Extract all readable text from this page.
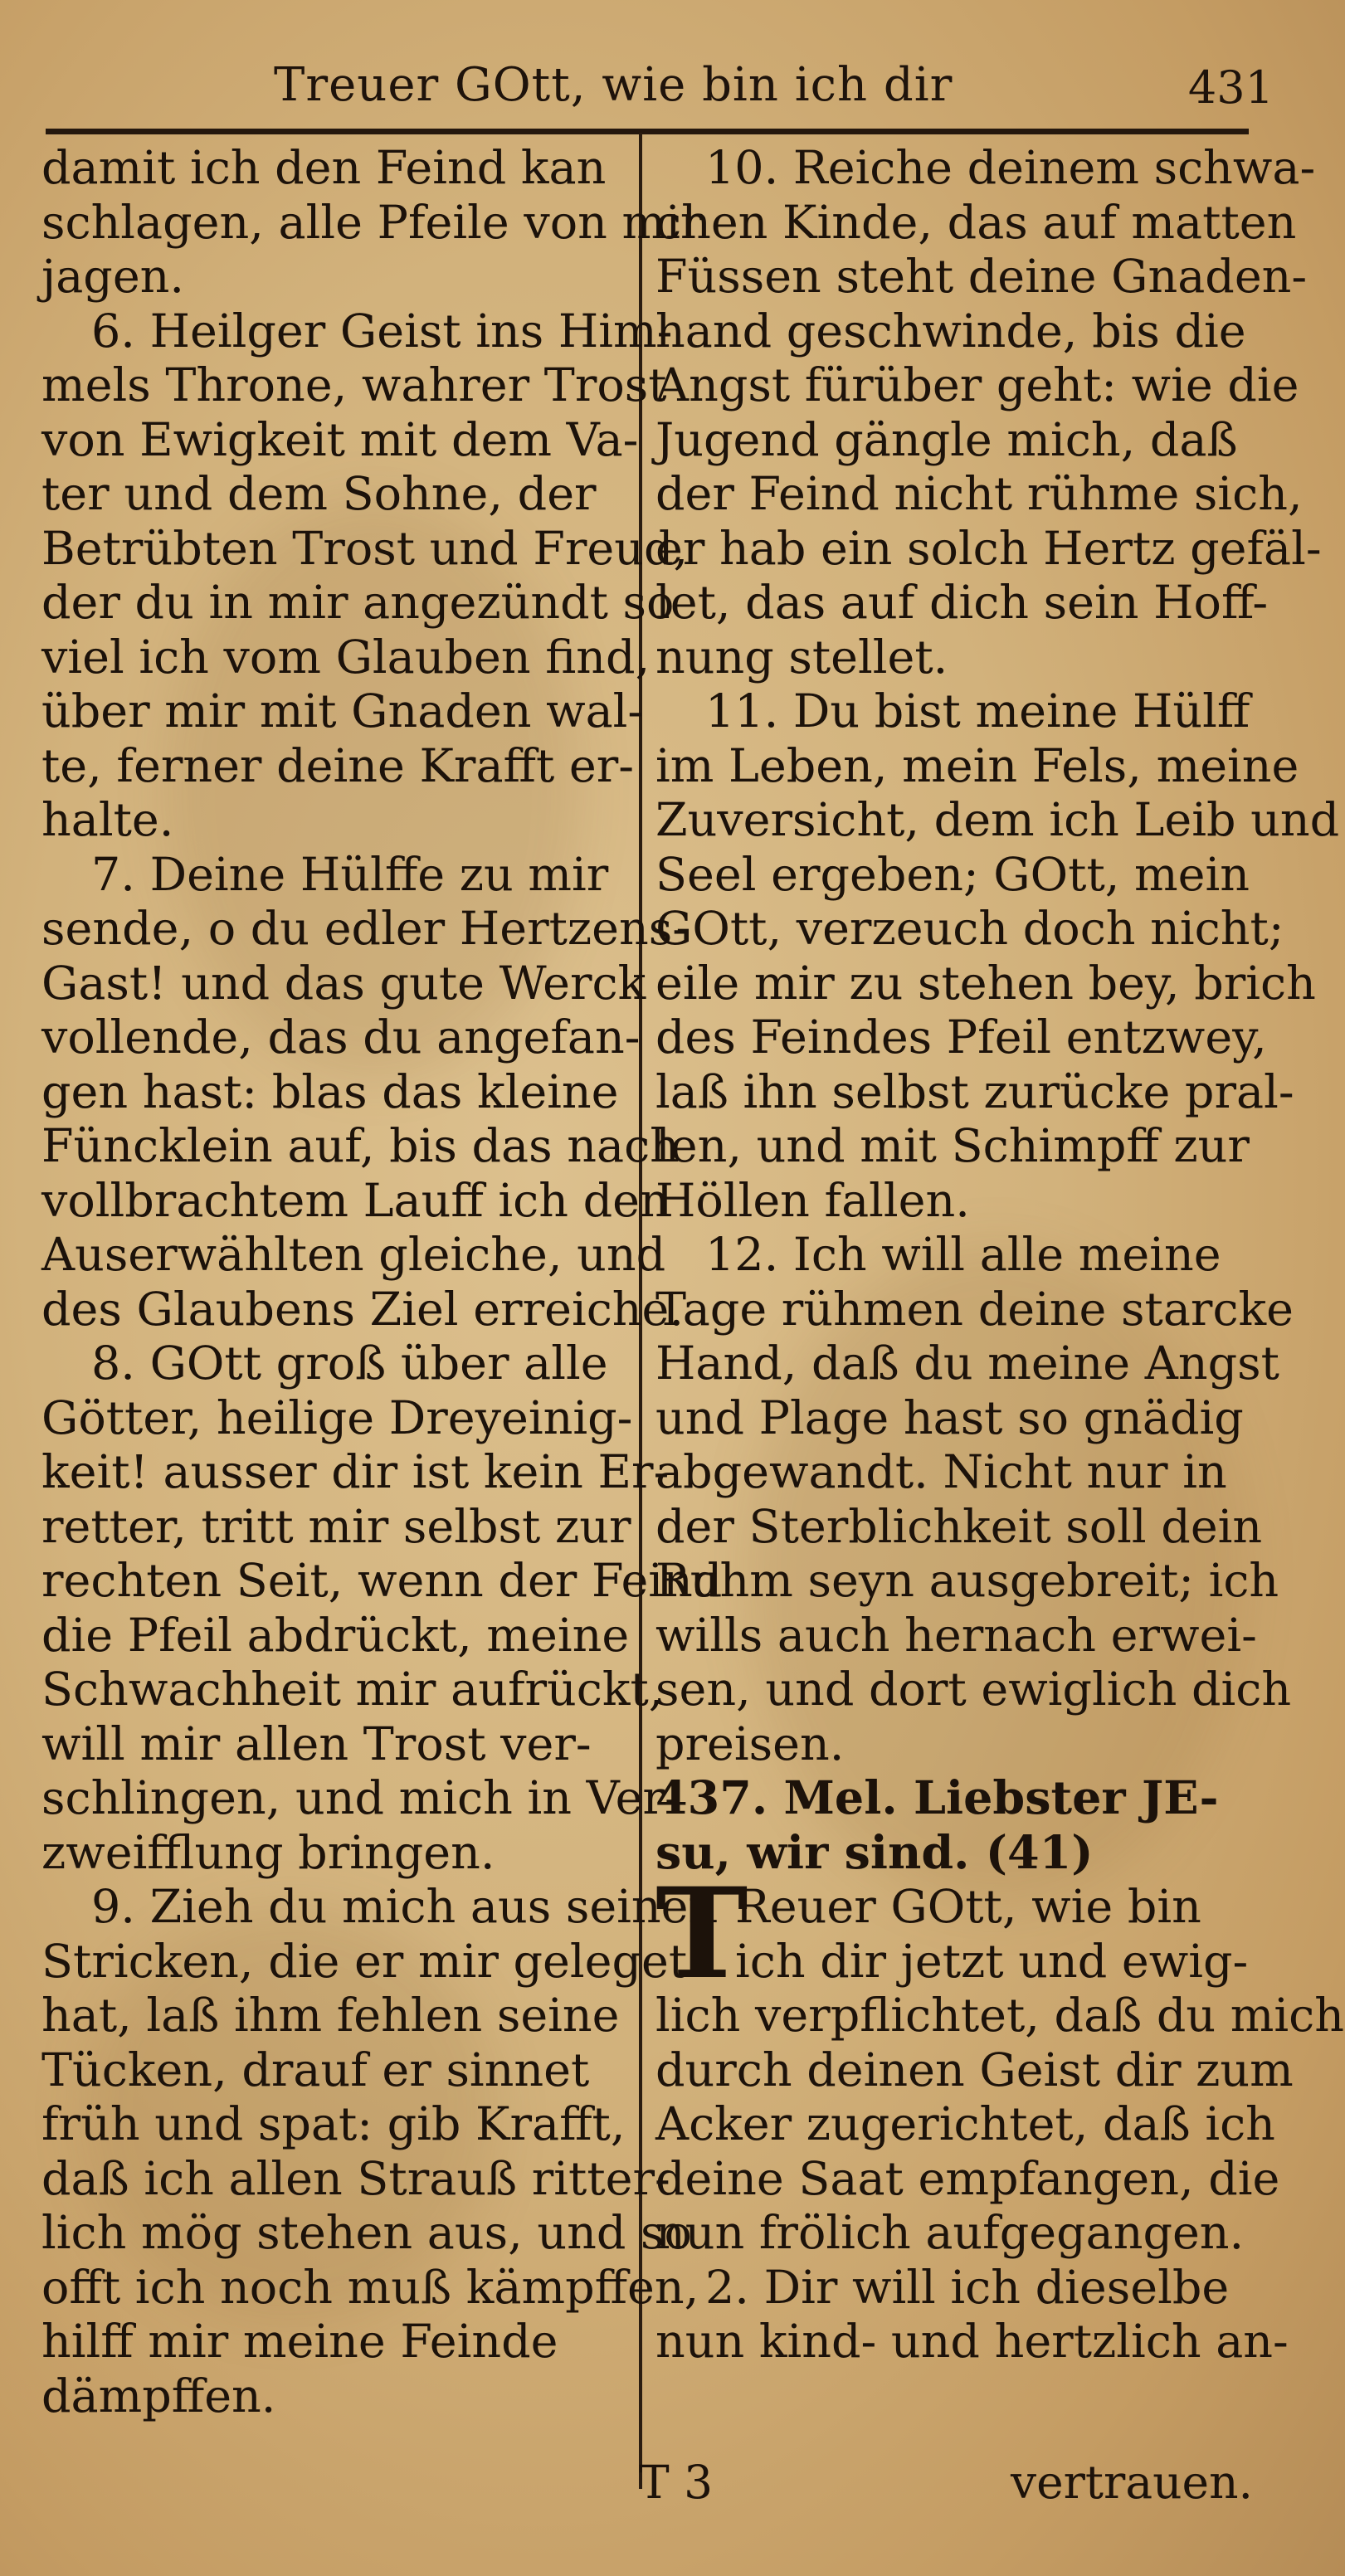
Treuer GOtt, wie bin ich dir	431
damit ich den Feind kan
schlagen, alle Pfeile von mir
jagen.
6. Heilger Geist ins Him-
mels Throne, wahrer Trost
von Ewigkeit mit dem Va-
ter und dem Sohne, der
Betrübten Trost und Freud,
der du in mir angezündt so
viel ich vom Glauben find,
über mir mit Gnaden wal-
te, ferner deine Krafft er-
halte.
7. Deine Hülffe zu mir
sende, o du edler Hertzens-
Gast! und das gute Werck
vollende, das du angefan-
gen hast: blas das kleine
Füncklein auf, bis das nach
vollbrachtem Lauff ich den
Auserwählten gleiche, und
des Glaubens Ziel erreiche.
8. GOtt groß über alle
Götter, heilige Dreyeinig-
keit! ausser dir ist kein Er-
retter, tritt mir selbst zur
rechten Seit, wenn der Feind
die Pfeil abdrückt, meine
Schwachheit mir aufrückt,
will mir allen Trost ver-
schlingen, und mich in Ver-
zweifflung bringen.
9. Zieh du mich aus seinen
Stricken, die er mir geleget
hat, laß ihm fehlen seine
Tücken, drauf er sinnet
früh und spat: gib Krafft,
daß ich allen Strauß ritter-
lich mög stehen aus, und so
offt ich noch muß kämpffen,
hilff mir meine Feinde
dämpffen.
10. Reiche deinem schwa-
chen Kinde, das auf matten
Füssen steht deine Gnaden-
hand geschwinde, bis die
Angst fürüber geht: wie die
Jugend gängle mich, daß
der Feind nicht rühme sich,
er hab ein solch Hertz gefäl-
let, das auf dich sein Hoff-
nung stellet.
11. Du bist meine Hülff
im Leben, mein Fels, meine
Zuversicht, dem ich Leib und
Seel ergeben; GOtt, mein
GOtt, verzeuch doch nicht;
eile mir zu stehen bey, brich
des Feindes Pfeil entzwey,
laß ihn selbst zurücke pral-
len, und mit Schimpff zur
Höllen fallen.
12. Ich will alle meine
Tage rühmen deine starcke
Hand, daß du meine Angst
und Plage hast so gnädig
abgewandt. Nicht nur in
der Sterblichkeit soll dein
Ruhm seyn ausgebreit; ich
wills auch hernach erwei-
sen, und dort ewiglich dich
preisen.
437. Mel. Liebster JE-
su, wir sind. (41)
T
Reuer GOtt, wie bin
ich dir jetzt und ewig-
lich verpflichtet, daß du mich
durch deinen Geist dir zum
Acker zugerichtet, daß ich
deine Saat empfangen, die
nun frölich aufgegangen.
2. Dir will ich dieselbe
nun kind- und hertzlich an-
T 3	vertrauen.
